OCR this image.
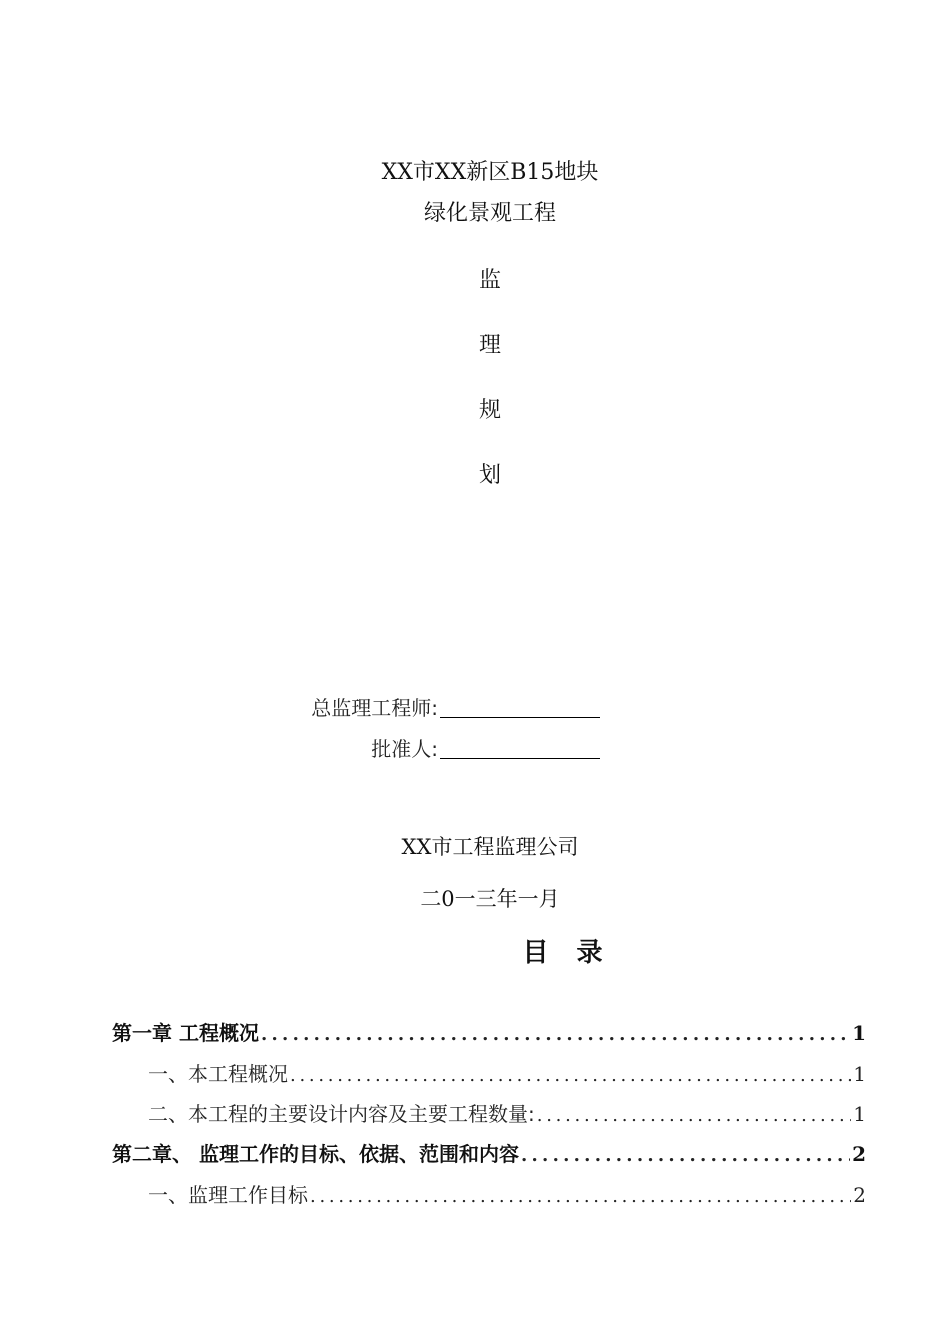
XX市XX新区B15地块
绿化景观工程
监
理
规
划
总监理工程师:
批准人:
XX市工程监理公司
二0一三年一月
目　录
第一章 工程概况 . . .	1
一、本工程概况 . . .	1
二、本工程的主要设计内容及主要工程数量: . . .	1
第二章、 监理工作的目标、依据、范围和内容 . . .	2
一、监理工作目标 . . .	2
